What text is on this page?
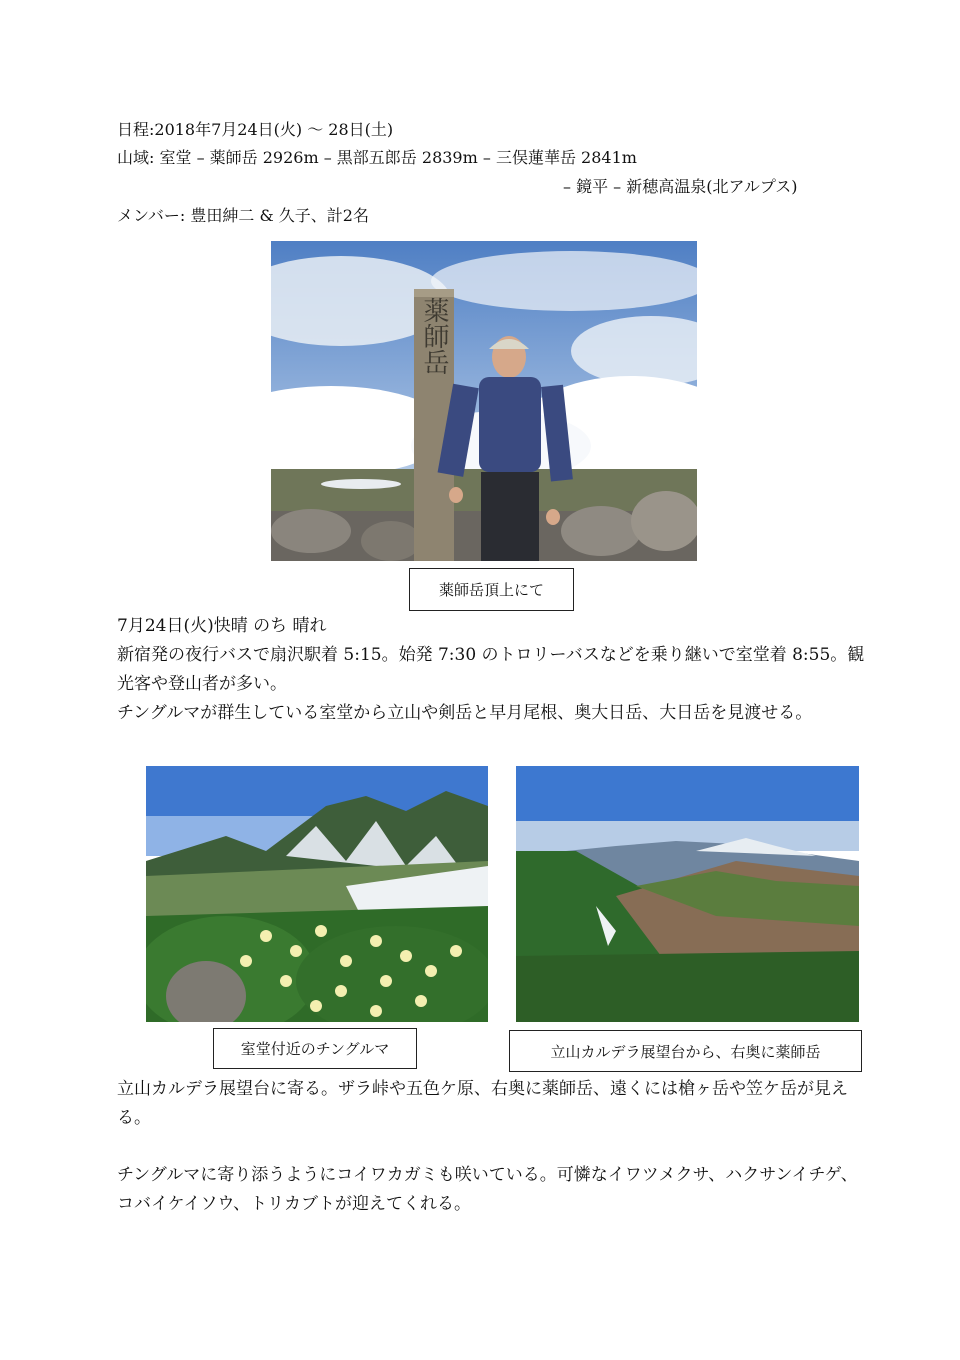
日程:2018年7月24日(火) 〜 28日(土)
山域: 室堂 – 薬師岳 2926m – 黒部五郎岳 2839m – 三俣蓮華岳 2841m
– 鏡平 – 新穂高温泉(北アルプス)
メンバー: 豊田紳二 & 久子、計2名
薬師岳
薬師岳頂上にて
7月24日(火)快晴 のち 晴れ
新宿発の夜行バスで扇沢駅着 5:15。始発 7:30 のトロリーバスなどを乗り継いで室堂着 8:55。観光客や登山者が多い。
チングルマが群生している室堂から立山や剣岳と早月尾根、奥大日岳、大日岳を見渡せる。
室堂付近のチングルマ	立山カルデラ展望台から、右奥に薬師岳
立山カルデラ展望台に寄る。ザラ峠や五色ケ原、右奥に薬師岳、遠くには槍ヶ岳や笠ケ岳が見える。
チングルマに寄り添うようにコイワカガミも咲いている。可憐なイワツメクサ、ハクサンイチゲ、コバイケイソウ、トリカブトが迎えてくれる。
